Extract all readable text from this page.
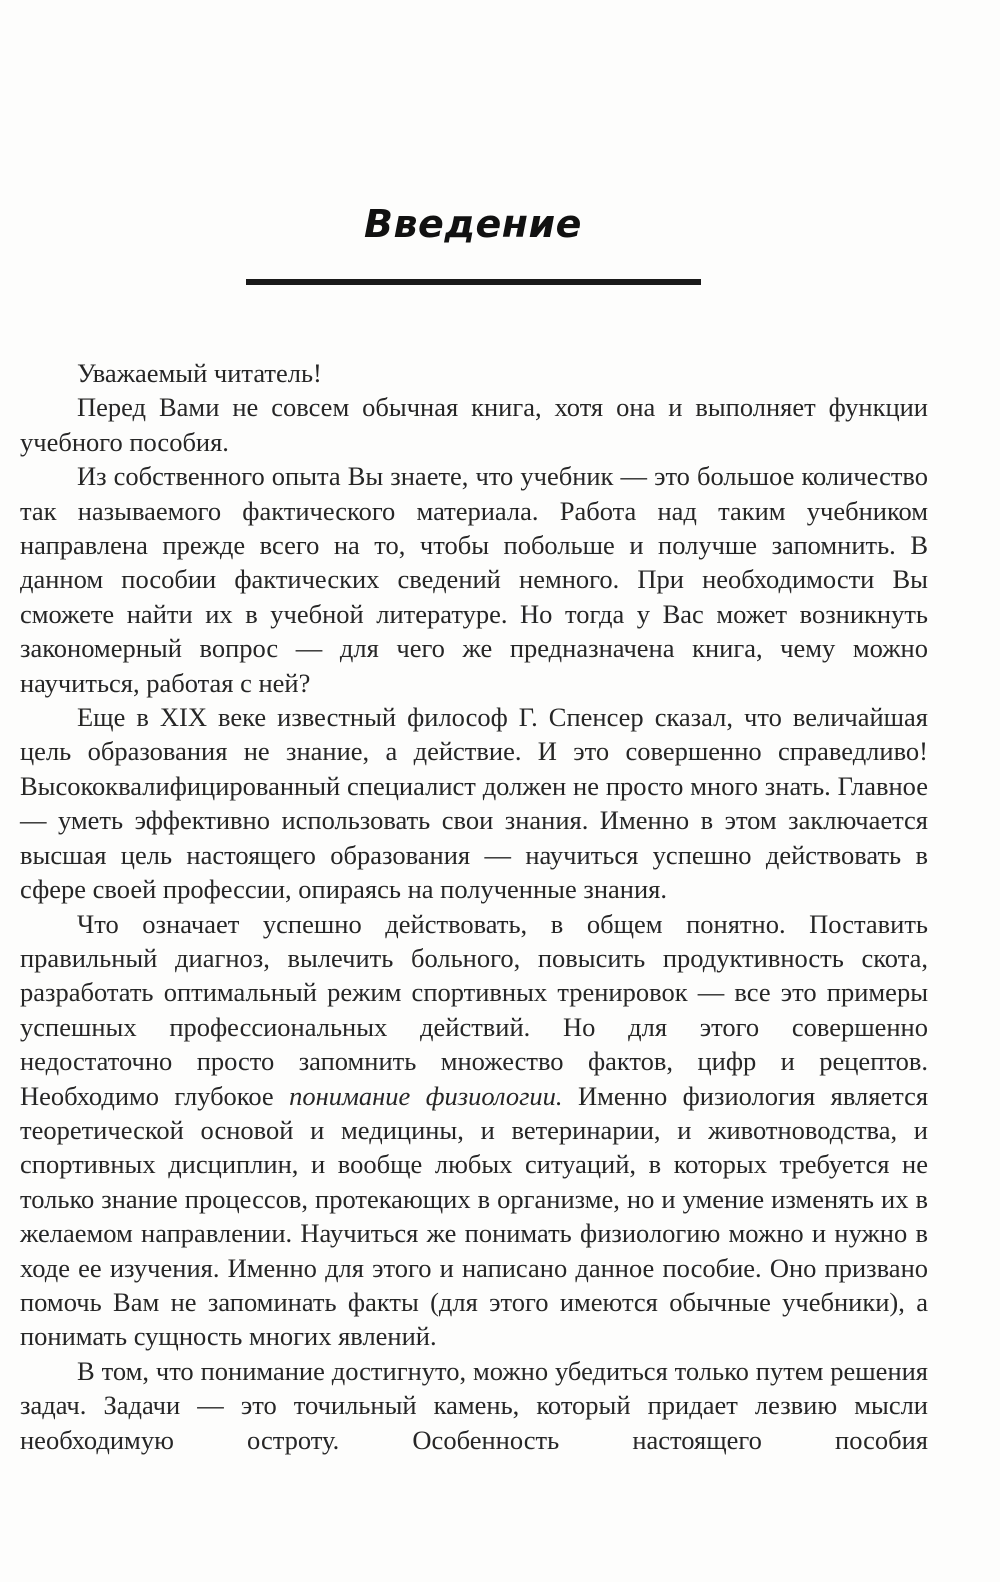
Введение

Уважаемый читатель!

Перед Вами не совсем обычная книга, хотя она и выполняет функции учебного пособия.

Из собственного опыта Вы знаете, что учебник — это большое количество так называемого фактического материала. Работа над таким учебником направлена прежде всего на то, чтобы побольше и получше запомнить. В данном пособии фактических сведений немного. При необходимости Вы сможете найти их в учебной литературе. Но тогда у Вас может возникнуть закономерный вопрос — для чего же предназначена книга, чему можно научиться, работая с ней?

Еще в XIX веке известный философ Г. Спенсер сказал, что величайшая цель образования не знание, а действие. И это совершенно справедливо! Высококвалифицированный специалист должен не просто много знать. Главное — уметь эффективно использовать свои знания. Именно в этом заключается высшая цель настоящего образования — научиться успешно действовать в сфере своей профессии, опираясь на полученные знания.

Что означает успешно действовать, в общем понятно. Поставить правильный диагноз, вылечить больного, повысить продуктивность скота, разработать оптимальный режим спортивных тренировок — все это примеры успешных профессиональных действий. Но для этого совершенно недостаточно просто запомнить множество фактов, цифр и рецептов. Необходимо глубокое понимание физиологии. Именно физиология является теоретической основой и медицины, и ветеринарии, и животноводства, и спортивных дисциплин, и вообще любых ситуаций, в которых требуется не только знание процессов, протекающих в организме, но и умение изменять их в желаемом направлении. Научиться же понимать физиологию можно и нужно в ходе ее изучения. Именно для этого и написано данное пособие. Оно призвано помочь Вам не запоминать факты (для этого имеются обычные учебники), а понимать сущность многих явлений.

В том, что понимание достигнуто, можно убедиться только путем решения задач. Задачи — это точильный камень, который придает лезвию мысли необходимую остроту. Особенность настоящего пособия
